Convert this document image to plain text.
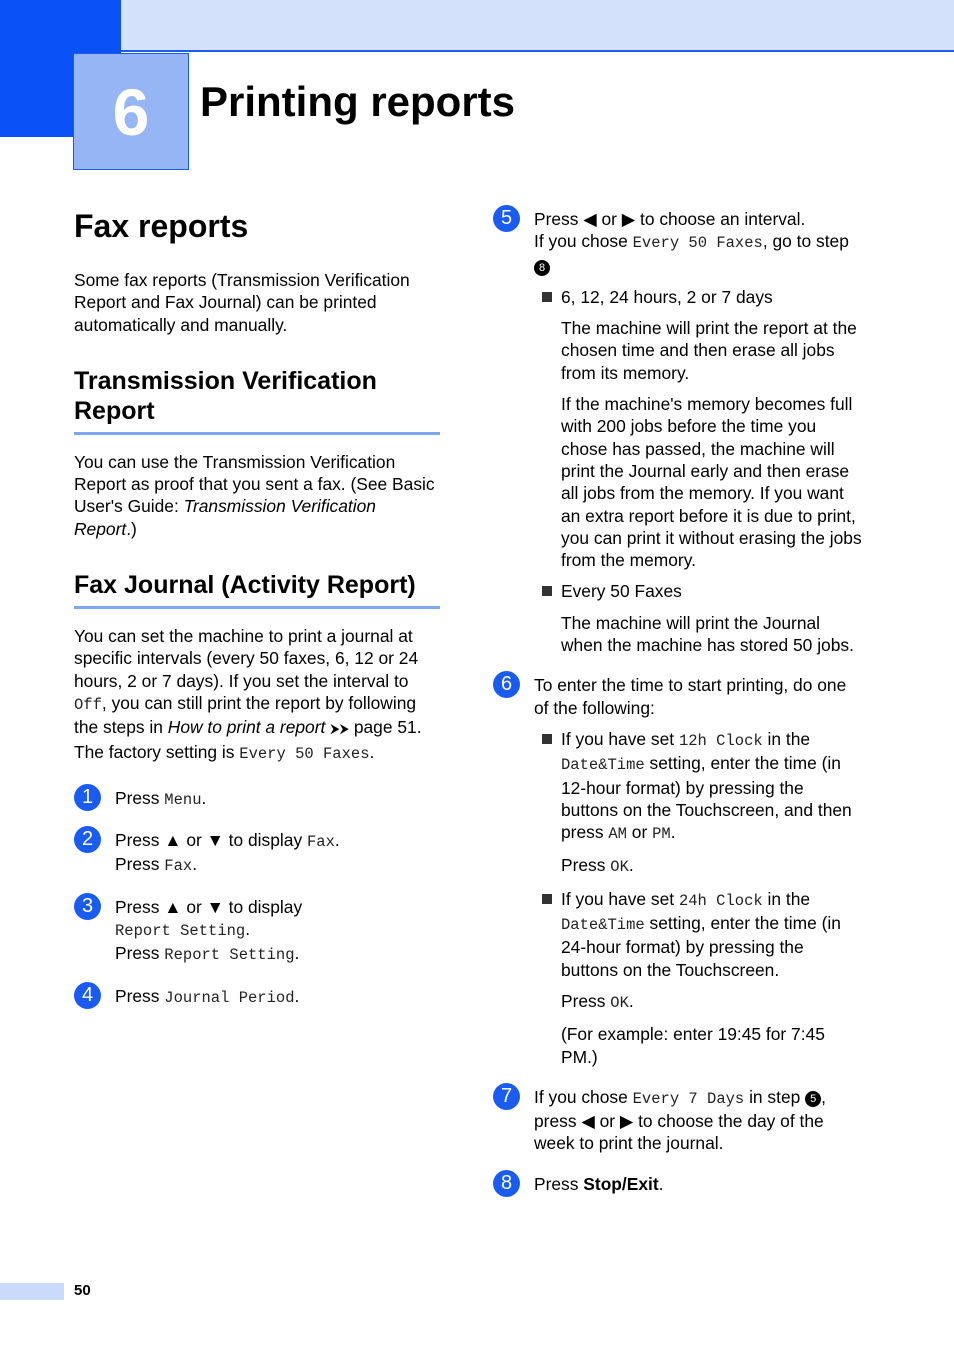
6	Printing reports
Fax reports

Some fax reports (Transmission Verification Report and Fax Journal) can be printed automatically and manually.

Transmission Verification Report

You can use the Transmission Verification Report as proof that you sent a fax. (See Basic User's Guide: Transmission Verification Report.)

Fax Journal (Activity Report)

You can set the machine to print a journal at specific intervals (every 50 faxes, 6, 12 or 24 hours, 2 or 7 days). If you set the interval to Off, you can still print the report by following the steps in How to print a report ⮞⮞ page 51. The factory setting is Every 50 Faxes.

1	Press Menu.
2	Press ▲ or ▼ to display Fax.
Press Fax.
3	Press ▲ or ▼ to display
Report Setting.
Press Report Setting.
4	Press Journal Period.
5	Press ◀ or ▶ to choose an interval.
If you chose Every 50 Faxes, go to step 8
6, 12, 24 hours, 2 or 7 days
The machine will print the report at the chosen time and then erase all jobs from its memory.
If the machine's memory becomes full with 200 jobs before the time you chose has passed, the machine will print the Journal early and then erase all jobs from the memory. If you want an extra report before it is due to print, you can print it without erasing the jobs from the memory.
Every 50 Faxes
The machine will print the Journal when the machine has stored 50 jobs.
6	To enter the time to start printing, do one of the following:
If you have set 12h Clock in the Date&Time setting, enter the time (in 12-hour format) by pressing the buttons on the Touchscreen, and then press AM or PM.
Press OK.
If you have set 24h Clock in the Date&Time setting, enter the time (in 24-hour format) by pressing the buttons on the Touchscreen.
Press OK.
(For example: enter 19:45 for 7:45 PM.)
7	If you chose Every 7 Days in step 5 , press ◀ or ▶ to choose the day of the week to print the journal.
8	Press Stop/Exit.
50
